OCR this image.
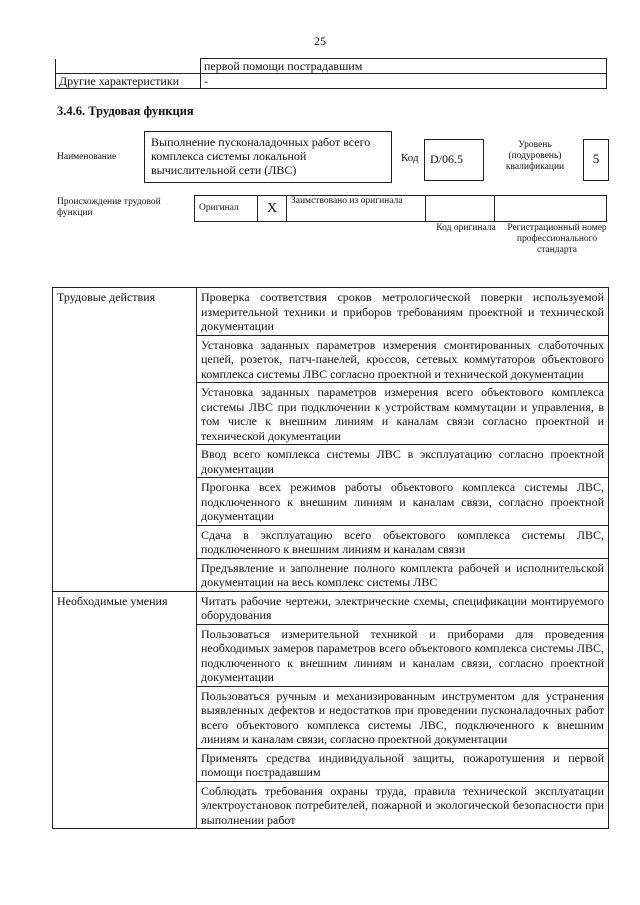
25
	первой помощи пострадавшим
Другие характеристики	-
3.4.6. Трудовая функция
Наименование
Выполнение пусконаладочных работ всего комплекса системы локальной вычислительной сети (ЛВС)
Код D/06.5
Уровень (подуровень) квалификации
5
Происхождение трудовой функции	Оригинал	X	Заимствовано из оригинала		
Код оригинала	Регистрационный номер профессионального стандарта
Трудовые действия	Проверка соответствия сроков метрологической поверки используемой измерительной техники и приборов требованиям проектной и технической документации
	Установка заданных параметров измерения смонтированных слаботочных цепей, розеток, патч-панелей, кроссов, сетевых коммутаторов объектового комплекса системы ЛВС согласно проектной и технической документации
	Установка заданных параметров измерения всего объектового комплекса системы ЛВС при подключении к устройствам коммутации и управления, в том числе к внешним линиям и каналам связи согласно проектной и технической документации
	Ввод всего комплекса системы ЛВС в эксплуатацию согласно проектной документации
	Прогонка всех режимов работы объектового комплекса системы ЛВС, подключенного к внешним линиям и каналам связи, согласно проектной документации
	Сдача в эксплуатацию всего объектового комплекса системы ЛВС, подключенного к внешним линиям и каналам связи
	Предъявление и заполнение полного комплекта рабочей и исполнительской документации на весь комплекс системы ЛВС
Необходимые умения	Читать рабочие чертежи, электрические схемы, спецификации монтируемого оборудования
	Пользоваться измерительной техникой и приборами для проведения необходимых замеров параметров всего объектового комплекса системы ЛВС, подключенного к внешним линиям и каналам связи, согласно проектной документации
	Пользоваться ручным и механизированным инструментом для устранения выявленных дефектов и недостатков при проведении пусконаладочных работ всего объектового комплекса системы ЛВС, подключенного к внешним линиям и каналам связи, согласно проектной документации
	Применять средства индивидуальной защиты, пожаротушения и первой помощи пострадавшим
	Соблюдать требования охраны труда, правила технической эксплуатации электроустановок потребителей, пожарной и экологической безопасности при выполнении работ
